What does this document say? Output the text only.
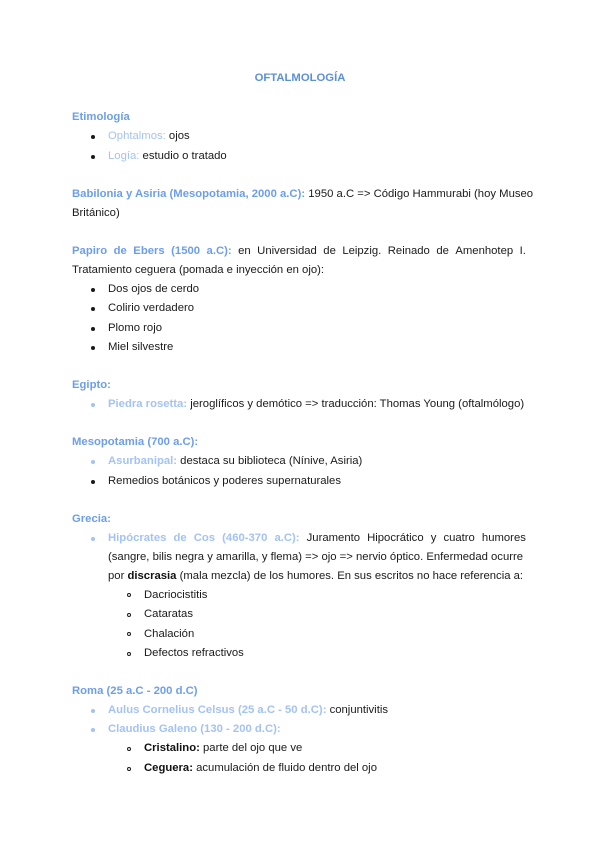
OFTALMOLOGÍA
Etimología
Ophtalmos: ojos
Logía: estudio o tratado
Babilonia y Asiria (Mesopotamia, 2000 a.C): 1950 a.C => Código Hammurabi (hoy Museo
Británico)
Papiro de Ebers (1500 a.C): en Universidad de Leipzig. Reinado de Amenhotep I.
Tratamiento ceguera (pomada e inyección en ojo):
Dos ojos de cerdo
Colirio verdadero
Plomo rojo
Miel silvestre
Egipto:
Piedra rosetta: jeroglíficos y demótico => traducción: Thomas Young (oftalmólogo)
Mesopotamia (700 a.C):
Asurbanipal: destaca su biblioteca (Nínive, Asiria)
Remedios botánicos y poderes supernaturales
Grecia:
Hipócrates de Cos (460-370 a.C): Juramento Hipocrático y cuatro humores
(sangre, bilis negra y amarilla, y flema) => ojo => nervio óptico. Enfermedad ocurre
por discrasia (mala mezcla) de los humores. En sus escritos no hace referencia a:
Dacriocistitis
Cataratas
Chalación
Defectos refractivos
Roma (25 a.C - 200 d.C)
Aulus Cornelius Celsus (25 a.C - 50 d.C): conjuntivitis
Claudius Galeno (130 - 200 d.C):
Cristalino: parte del ojo que ve
Ceguera: acumulación de fluido dentro del ojo
